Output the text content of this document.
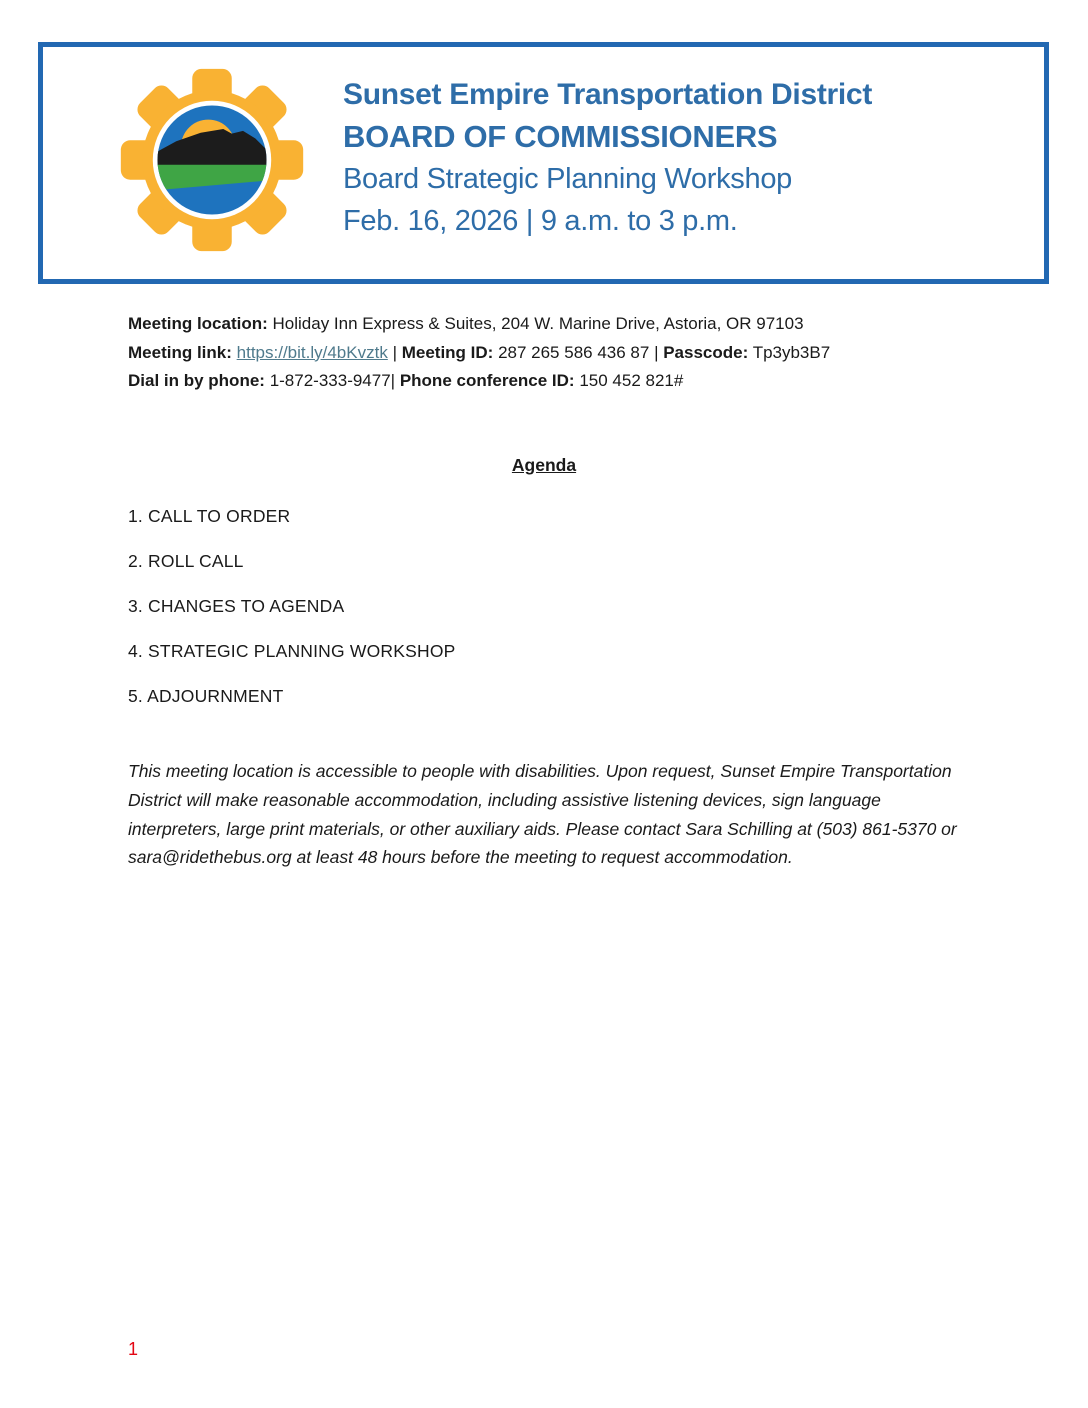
Sunset Empire Transportation District
BOARD OF COMMISSIONERS
Board Strategic Planning Workshop
Feb. 16, 2026 | 9 a.m. to 3 p.m.
Meeting location: Holiday Inn Express & Suites, 204 W. Marine Drive, Astoria, OR 97103
Meeting link: https://bit.ly/4bKvztk | Meeting ID: 287 265 586 436 87 | Passcode: Tp3yb3B7
Dial in by phone: 1-872-333-9477| Phone conference ID: 150 452 821#
Agenda
1. CALL TO ORDER
2. ROLL CALL
3. CHANGES TO AGENDA
4. STRATEGIC PLANNING WORKSHOP
5. ADJOURNMENT

This meeting location is accessible to people with disabilities. Upon request, Sunset Empire Transportation District will make reasonable accommodation, including assistive listening devices, sign language interpreters, large print materials, or other auxiliary aids. Please contact Sara Schilling at (503) 861-5370 or sara@ridethebus.org at least 48 hours before the meeting to request accommodation.

1
